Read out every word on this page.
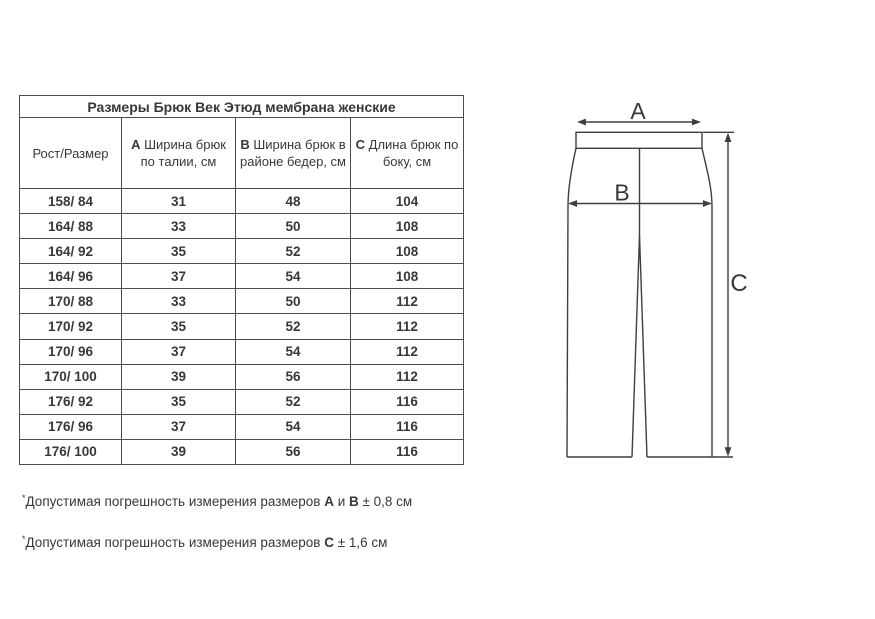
Размеры Брюк Век Этюд мембрана женские			
Рост/Размер	A Ширина брюк по талии, см	B Ширина брюк в районе бедер, см	C Длина брюк по боку, см
158/ 84	31	48	104
164/ 88	33	50	108
164/ 92	35	52	108
164/ 96	37	54	108
170/ 88	33	50	112
170/ 92	35	52	112
170/ 96	37	54	112
170/ 100	39	56	112
176/ 92	35	52	116
176/ 96	37	54	116
176/ 100	39	56	116
*Допустимая погрешность измерения размеров A и B ± 0,8 см
*Допустимая погрешность измерения размеров C ± 1,6 см
A
B
C
